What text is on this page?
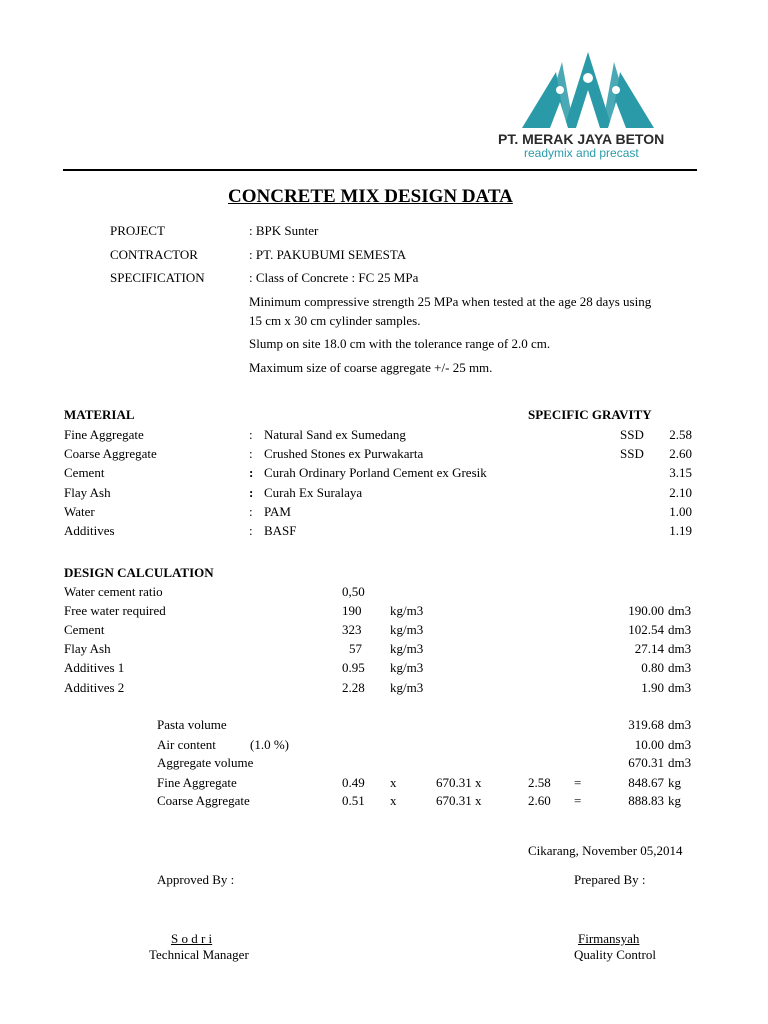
PT. MERAK JAYA BETON
readymix and precast
CONCRETE MIX DESIGN DATA
PROJECT	: BPK Sunter
CONTRACTOR	: PT. PAKUBUMI SEMESTA
SPECIFICATION	: Class of Concrete : FC 25 MPa
Minimum compressive strength 25 MPa when tested at the age 28 days using
15 cm x 30 cm cylinder samples.
Slump on site 18.0 cm with the tolerance range of 2.0 cm.
Maximum size of coarse aggregate +/- 25 mm.
MATERIAL	SPECIFIC GRAVITY
Fine Aggregate	: Natural Sand ex Sumedang	SSD	2.58
Coarse Aggregate	: Crushed Stones ex Purwakarta	SSD	2.60
Cement	: Curah Ordinary Porland Cement ex Gresik	3.15
Flay Ash	: Curah Ex Suralaya	2.10
Water	: PAM	1.00
Additives	: BASF	1.19
DESIGN CALCULATION
Water cement ratio	0,50
Free water required	190 kg/m3	190.00 dm3
Cement	323 kg/m3	102.54 dm3
Flay Ash	57 kg/m3	27.14 dm3
Additives 1	0.95 kg/m3	0.80 dm3
Additives 2	2.28 kg/m3	1.90 dm3
Pasta volume	319.68 dm3
Air content	(1.0 %)	10.00 dm3
Aggregate volume	670.31 dm3
Fine Aggregate	0.49 x	670.31 x	2.58 =	848.67 kg
Coarse Aggregate	0.51 x	670.31 x	2.60 =	888.83 kg
Cikarang, November 05,2014
Approved By :	Prepared By :
S o d r i
Technical Manager
Firmansyah
Quality Control
